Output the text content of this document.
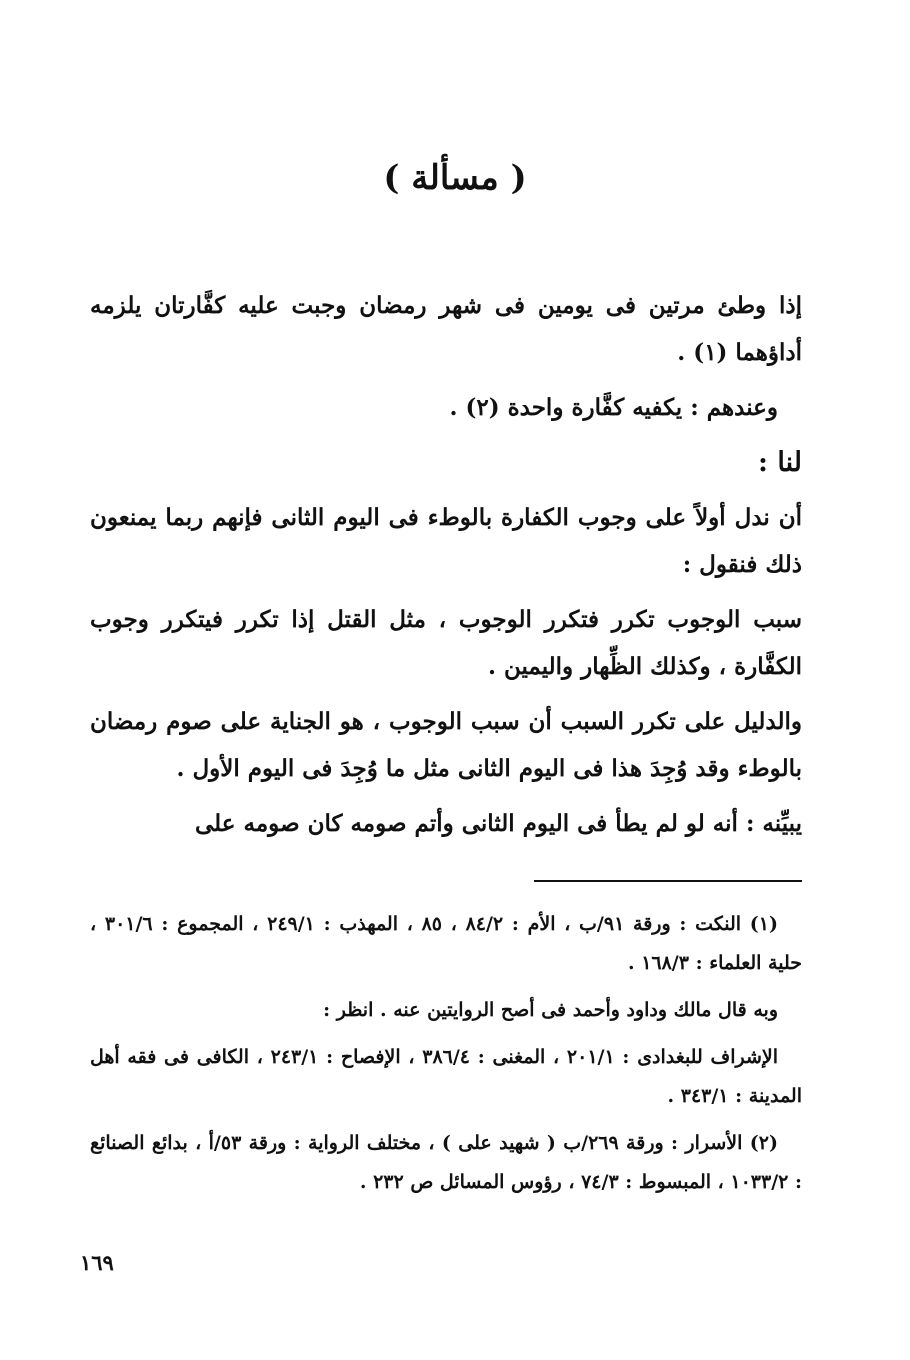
( مسألة )

إذا وطئ مرتين فى يومين فى شهر رمضان وجبت عليه كفَّارتان يلزمه أداؤهما (١) .

وعندهم : يكفيه كفَّارة واحدة (٢) .

لنا :

أن ندل أولاً على وجوب الكفارة بالوطء فى اليوم الثانى فإنهم ربما يمنعون ذلك فنقول :

سبب الوجوب تكرر فتكرر الوجوب ، مثل القتل إذا تكرر فيتكرر وجوب الكفَّارة ، وكذلك الظِّهار واليمين .

والدليل على تكرر السبب أن سبب الوجوب ، هو الجناية على صوم رمضان بالوطء وقد وُجِدَ هذا فى اليوم الثانى مثل ما وُجِدَ فى اليوم الأول .

يبيِّنه : أنه لو لم يطأ فى اليوم الثانى وأتم صومه كان صومه على

(١) النكت : ورقة ٩١/ب ، الأم : ٨٤/٢ ، ٨٥ ، المهذب : ٢٤٩/١ ، المجموع : ٣٠١/٦ ، حلية العلماء : ١٦٨/٣ .

وبه قال مالك وداود وأحمد فى أصح الروايتين عنه . انظر :

الإشراف للبغدادى : ٢٠١/١ ، المغنى : ٣٨٦/٤ ، الإفصاح : ٢٤٣/١ ، الكافى فى فقه أهل المدينة : ٣٤٣/١ .

(٢) الأسرار : ورقة ٢٦٩/ب ( شهيد على ) ، مختلف الرواية : ورقة ٥٣/أ ، بدائع الصنائع : ١٠٣٣/٢ ، المبسوط : ٧٤/٣ ، رؤوس المسائل ص ٢٣٢ .

١٦٩
